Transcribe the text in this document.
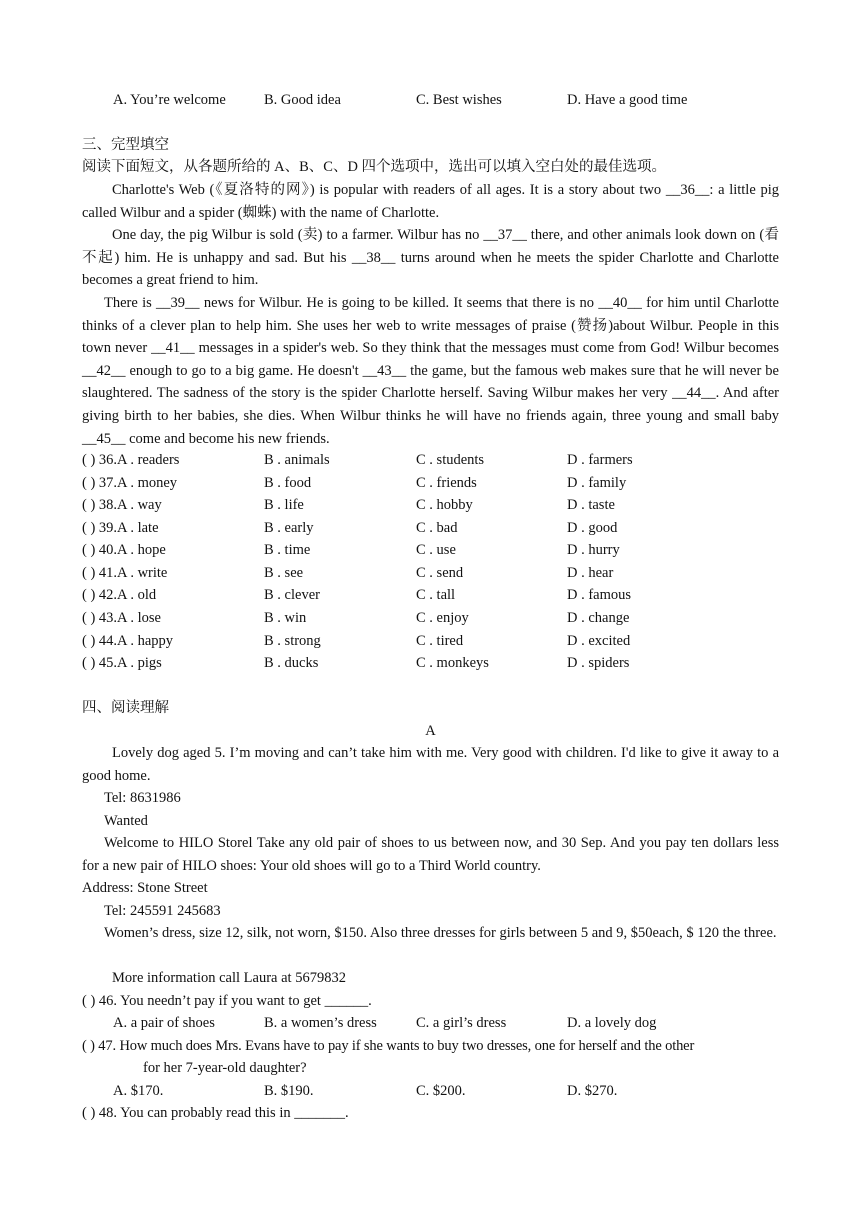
A. You’re welcome	B. Good idea	C. Best wishes	D. Have a good time
三、完型填空
阅读下面短文，从各题所给的 A、B、C、D 四个选项中，选出可以填入空白处的最佳选项。
Charlotte's Web (《夏洛特的网》) is popular with readers of all ages. It is a story about two __36__: a little pig called Wilbur and a spider (蜘蛛) with the name of Charlotte.
One day, the pig Wilbur is sold (卖) to a farmer. Wilbur has no __37__ there, and other animals look down on (看不起) him. He is unhappy and sad. But his __38__ turns around when he meets the spider Charlotte and Charlotte becomes a great friend to him.
There is __39__ news for Wilbur. He is going to be killed. It seems that there is no __40__ for him until Charlotte thinks of a clever plan to help him. She uses her web to write messages of praise (赞扬)about Wilbur. People in this town never __41__ messages in a spider's web. So they think that the messages must come from God! Wilbur becomes __42__ enough to go to a big game. He doesn't __43__ the game, but the famous web makes sure that he will never be slaughtered. The sadness of the story is the spider Charlotte herself. Saving Wilbur makes her very __44__. And after giving birth to her babies, she dies. When Wilbur thinks he will have no friends again, three young and small baby __45__ come and become his new friends.
( ) 36.A . readers	B . animals	C . students	D . farmers
( ) 37.A . money	B . food	C . friends	D . family
( ) 38.A . way	B . life	C . hobby	D . taste
( ) 39.A . late	B . early	C . bad	D . good
( ) 40.A . hope	B . time	C . use	D . hurry
( ) 41.A . write	B . see	C . send	D . hear
( ) 42.A . old	B . clever	C . tall	D . famous
( ) 43.A . lose	B . win	C . enjoy	D . change
( ) 44.A . happy	B . strong	C . tired	D . excited
( ) 45.A . pigs	B . ducks	C . monkeys	D . spiders
四、阅读理解
A
Lovely dog aged 5. I’m moving and can’t take him with me. Very good with children. I'd like to give it away to a good home.
Tel: 8631986
Wanted
Welcome to HILO Storel Take any old pair of shoes to us between now, and 30 Sep. And you pay ten dollars less for a new pair of HILO shoes: Your old shoes will go to a Third World country.
Address: Stone Street
Tel: 245591 245683
Women’s dress, size 12, silk, not worn, $150. Also three dresses for girls between 5 and 9, $50each, $ 120 the three.
More information call Laura at 5679832
( ) 46. You needn’t pay if you want to get ______.
A. a pair of shoes	B. a women’s dress	C. a girl’s dress	D. a lovely dog
( ) 47. How much does Mrs. Evans have to pay if she wants to buy two dresses, one for herself and the other
for her 7-year-old daughter?
A. $170.	B. $190.	C. $200.	D. $270.
( ) 48. You can probably read this in _______.
